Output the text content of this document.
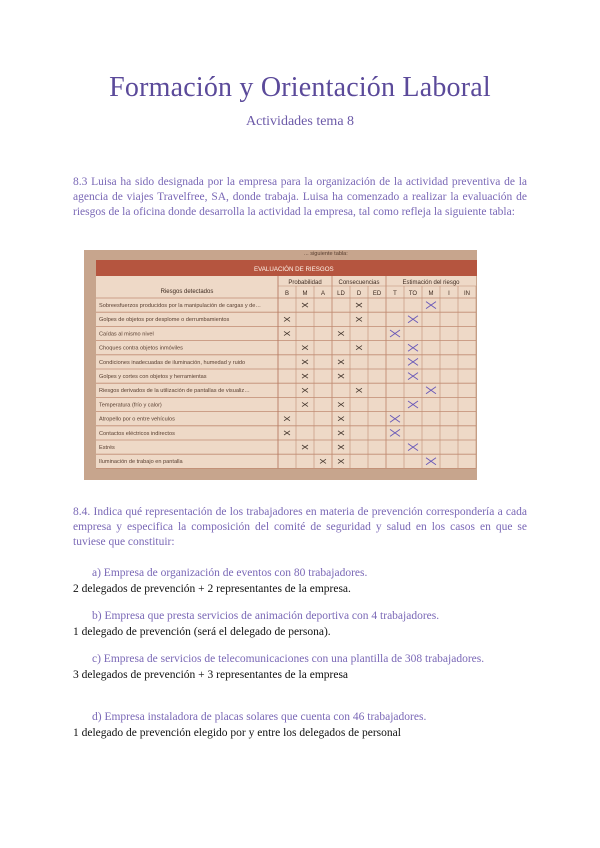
Formación y Orientación Laboral
Actividades tema 8
8.3 Luisa ha sido designada por la empresa para la organización de la actividad preventiva de la agencia de viajes Travelfree, SA, donde trabaja. Luisa ha comenzado a realizar la evaluación de riesgos de la oficina donde desarrolla la actividad la empresa, tal como refleja la siguiente tabla:
... siguiente tabla:
EVALUACIÓN DE RIESGOS
Riesgos detectados
Probabilidad	Consecuencias	Estimación del riesgo
B M A LD D ED T TO M I IN
Sobreesfuerzos producidos por la manipulación de cargas y de…
Golpes de objetos por desplome o derrumbamientos
Caídas al mismo nivel
Choques contra objetos inmóviles
Condiciones inadecuadas de iluminación, humedad y ruido
Golpes y cortes con objetos y herramientas
Riesgos derivados de la utilización de pantallas de visualiz…
Temperatura (frío y calor)
Atropello por o entre vehículos
Contactos eléctricos indirectos
Estrés
Iluminación de trabajo en pantalla
8.4. Indica qué representación de los trabajadores en materia de prevención correspondería a cada empresa y especifica la composición del comité de seguridad y salud en los casos en que se tuviese que constituir:
a) Empresa de organización de eventos con 80 trabajadores.
2 delegados de prevención + 2 representantes de la empresa.
b) Empresa que presta servicios de animación deportiva con 4 trabajadores.
1 delegado de prevención (será el delegado de persona).
c) Empresa de servicios de telecomunicaciones con una plantilla de 308 trabajadores.
3 delegados de prevención + 3 representantes de la empresa
d) Empresa instaladora de placas solares que cuenta con 46 trabajadores.
1 delegado de prevención elegido por y entre los delegados de personal
